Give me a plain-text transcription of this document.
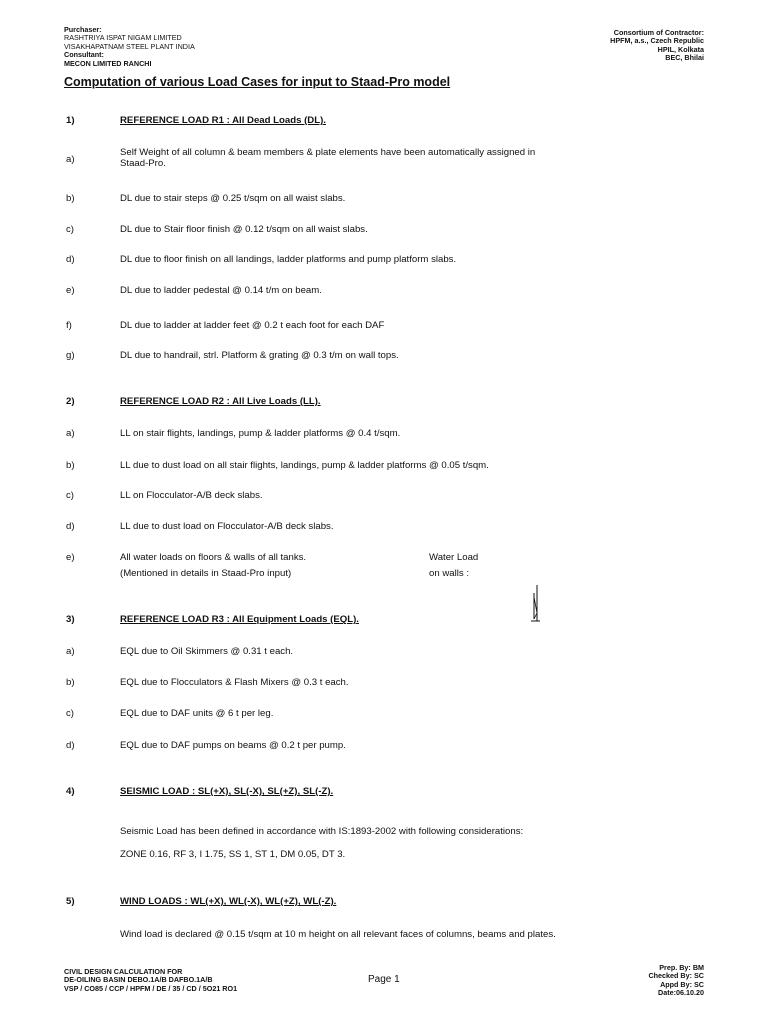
Purchaser:
RASHTRIYA ISPAT NIGAM LIMITED
VISAKHAPATNAM STEEL PLANT INDIA
Consultant:
MECON LIMITED RANCHI
Consortium of Contractor:
HPFM, a.s., Czech Republic
HPIL, Kolkata
BEC, Bhilai
Computation of various Load Cases for input to Staad-Pro model
1)	REFERENCE LOAD R1 : All Dead Loads (DL).
a)
Self Weight of all column & beam members & plate elements have been automatically assigned in Staad-Pro.
b)	DL due to stair steps @ 0.25 t/sqm on all waist slabs.
c)	DL due to Stair floor finish @ 0.12 t/sqm on all waist slabs.
d)	DL due to floor finish on all landings, ladder platforms and pump platform slabs.
e)	DL due to ladder pedestal @ 0.14 t/m on beam.
f)	DL due to ladder at ladder feet @ 0.2 t each foot for each DAF
g)	DL due to handrail, strl. Platform & grating @ 0.3 t/m on wall tops.
2)	REFERENCE LOAD R2 : All Live Loads (LL).
a)	LL on stair flights, landings, pump & ladder platforms @ 0.4 t/sqm.
b)	LL due to dust load on all stair flights, landings, pump & ladder platforms @ 0.05 t/sqm.
c)	LL on Flocculator-A/B deck slabs.
d)	LL due to dust load on Flocculator-A/B deck slabs.
e)	All water loads on floors & walls of all tanks.
(Mentioned in details in Staad-Pro input)
Water Load
on walls :
3)	REFERENCE LOAD R3 : All Equipment Loads (EQL).
a)	EQL due to Oil Skimmers @ 0.31 t each.
b)	EQL due to Flocculators & Flash Mixers @ 0.3 t each.
c)	EQL due to DAF units @ 6 t per leg.
d)	EQL due to DAF pumps on beams @ 0.2 t per pump.
4)	SEISMIC LOAD : SL(+X), SL(-X), SL(+Z), SL(-Z).
Seismic Load has been defined in accordance with IS:1893-2002 with following considerations:
ZONE 0.16, RF 3, I 1.75, SS 1, ST 1, DM 0.05, DT 3.
5)	WIND LOADS : WL(+X), WL(-X), WL(+Z), WL(-Z).
Wind load is declared @ 0.15 t/sqm at 10 m height on all relevant faces of columns, beams and plates.
CIVIL DESIGN CALCULATION FOR
DE-OILING BASIN DEBO.1A/B DAFBO.1A/B
VSP / CO85 / CCP / HPFM / DE / 35 / CD / 5O21 RO1
Page 1
Prep. By: BM
Checked By: SC
Appd By: SC
Date:06.10.20
